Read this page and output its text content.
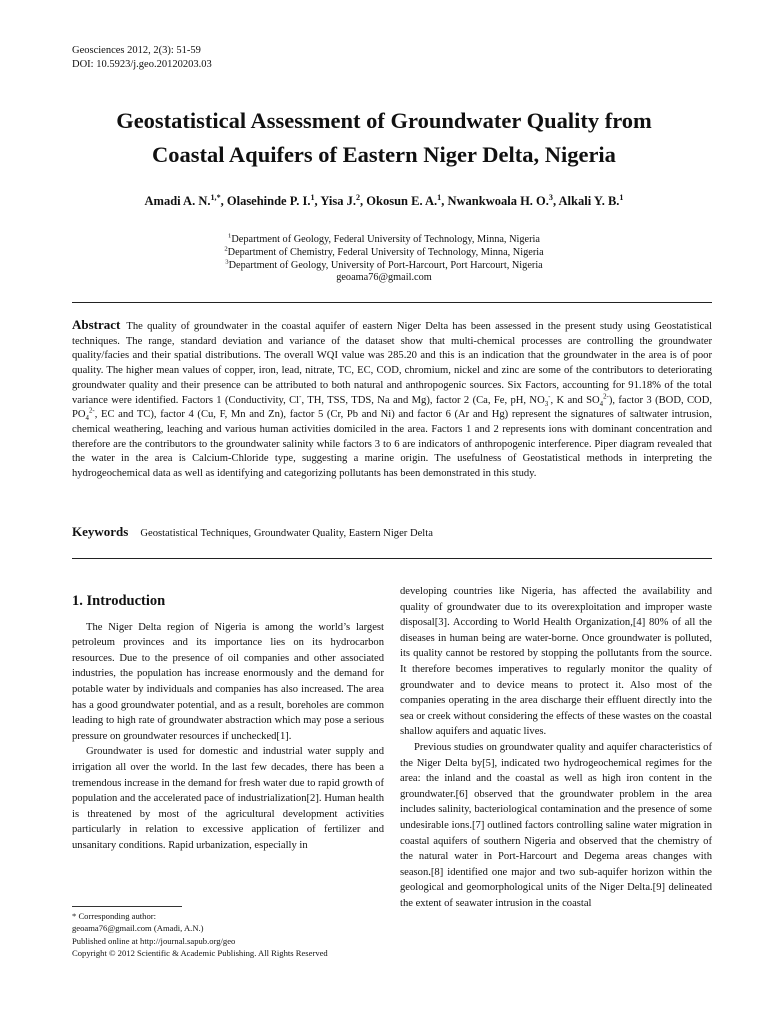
Geosciences 2012, 2(3): 51-59
DOI: 10.5923/j.geo.20120203.03
Geostatistical Assessment of Groundwater Quality from
Coastal Aquifers of Eastern Niger Delta, Nigeria
Amadi A. N.$^{1,*}$, Olasehinde P. I.$^1$, Yisa J.$^2$, Okosun E. A.$^1$, Nwankwoala H. O.$^3$, Alkali Y. B.$^1$
$^1$Department of Geology, Federal University of Technology, Minna, Nigeria
$^2$Department of Chemistry, Federal University of Technology, Minna, Nigeria
$^3$Department of Geology, University of Port-Harcourt, Port Harcourt, Nigeria
geoama76@gmail.com
Abstract The quality of groundwater in the coastal aquifer of eastern Niger Delta has been assessed in the present study using Geostatistical techniques. The range, standard deviation and variance of the dataset show that multi-chemical processes are controlling the groundwater quality/facies and their spatial distributions. The overall WQI value was 285.20 and this is an indication that the groundwater in the area is of poor quality. The higher mean values of copper, iron, lead, nitrate, TC, EC, COD, chromium, nickel and zinc are some of the contributors to deteriorating groundwater quality and their presence can be attributed to both natural and anthropogenic sources. Six Factors, accounting for 91.18% of the total variance were identified. Factors 1 (Conductivity, Cl-, TH, TSS, TDS, Na and Mg), factor 2 (Ca, Fe, pH, $NO_3^-$, K and $SO_4^{2-}$), factor 3 (BOD, COD, $PO_4^{2-}$, EC and TC), factor 4 (Cu, F, Mn and Zn), factor 5 (Cr, Pb and Ni) and factor 6 (Ar and Hg) represent the signatures of saltwater intrusion, chemical weathering, leaching and various human activities domiciled in the area. Factors 1 and 2 represents ions with dominant concentration and therefore are the contributors to the groundwater salinity while factors 3 to 6 are indicators of anthropogenic interference. Piper diagram revealed that the water in the area is Calcium-Chloride type, suggesting a marine origin. The usefulness of Geostatistical methods in interpreting the hydrogeochemical data as well as identifying and categorizing pollutants has been demonstrated in this study.
Keywords Geostatistical Techniques, Groundwater Quality, Eastern Niger Delta
1. Introduction

The Niger Delta region of Nigeria is among the world’s largest petroleum provinces and its importance lies on its hydrocarbon resources. Due to the presence of oil companies and other associated industries, the population has increase enormously and the demand for potable water by individuals and companies has also increased. The area has a good groundwater potential, and as a result, boreholes are common leading to high rate of groundwater abstraction which may pose a serious pressure on groundwater resources if unchecked[1].

Groundwater is used for domestic and industrial water supply and irrigation all over the world. In the last few decades, there has been a tremendous increase in the demand for fresh water due to rapid growth of population and the accelerated pace of industrialization[2]. Human health is threatened by most of the agricultural development activities particularly in relation to excessive application of fertilizer and unsanitary conditions. Rapid urbanization, especially in

developing countries like Nigeria, has affected the availability and quality of groundwater due to its overexploitation and improper waste disposal[3]. According to World Health Organization,[4] 80% of all the diseases in human being are water-borne. Once groundwater is polluted, its quality cannot be restored by stopping the pollutants from the source. It therefore becomes imperatives to regularly monitor the quality of groundwater and to device means to protect it. Also most of the companies operating in the area discharge their effluent directly into the sea or creek without considering the effects of these wastes on the coastal shallow aquifers and aquatic lives.

Previous studies on groundwater quality and aquifer characteristics of the Niger Delta by[5], indicated two hydrogeochemical regimes for the area: the inland and the coastal as well as high iron content in the groundwater.[6] observed that the groundwater problem in the area includes salinity, bacteriological contamination and the presence of some undesirable ions.[7] outlined factors controlling saline water migration in coastal aquifers of southern Nigeria and observed that the chemistry of the natural water in Port-Harcourt and Degema areas changes with season.[8] identified one major and two sub-aquifer horizon within the geological and geomorphological units of the Niger Delta.[9] delineated the extent of seawater intrusion in the coastal

* Corresponding author:
geoama76@gmail.com (Amadi, A.N.)
Published online at http://journal.sapub.org/geo
Copyright © 2012 Scientific & Academic Publishing. All Rights Reserved
